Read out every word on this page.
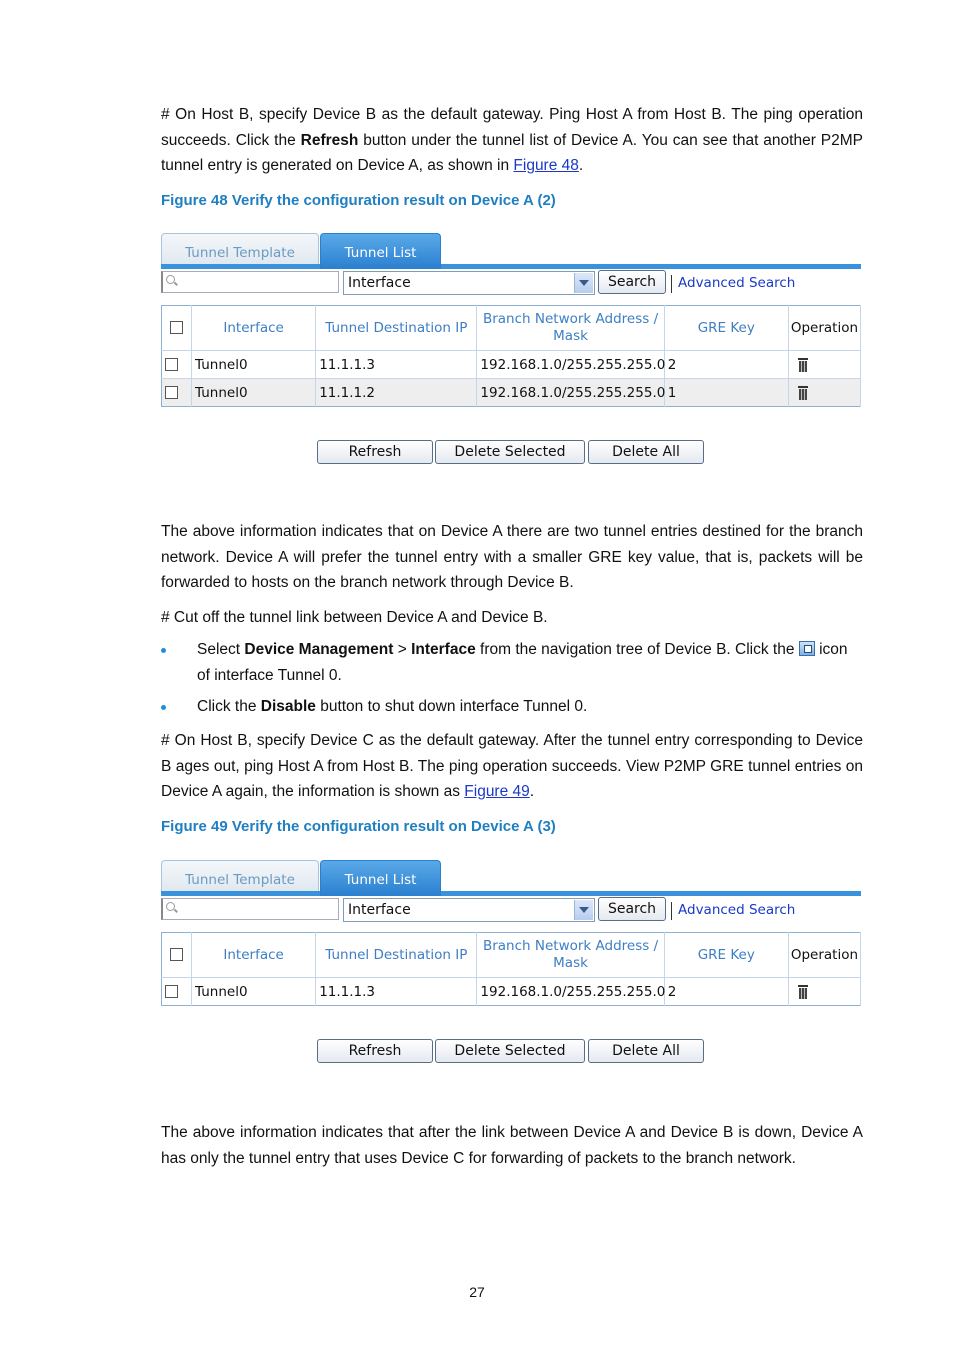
# On Host B, specify Device B as the default gateway. Ping Host A from Host B. The ping operation succeeds. Click the Refresh button under the tunnel list of Device A. You can see that another P2MP tunnel entry is generated on Device A, as shown in Figure 48.
Figure 48 Verify the configuration result on Device A (2)
Tunnel Template	Tunnel List
Interface	Search	Advanced Search
	Interface	Tunnel Destination IP	Branch Network Address / Mask	GRE Key	Operation
	Tunnel0	11.1.1.3	192.168.1.0/255.255.255.0	2	
	Tunnel0	11.1.1.2	192.168.1.0/255.255.255.0	1	
Refresh	Delete Selected	Delete All
The above information indicates that on Device A there are two tunnel entries destined for the branch network. Device A will prefer the tunnel entry with a smaller GRE key value, that is, packets will be forwarded to hosts on the branch network through Device B.
# Cut off the tunnel link between Device A and Device B.
Select Device Management > Interface from the navigation tree of Device B. Click the  icon of interface Tunnel 0.
Click the Disable button to shut down interface Tunnel 0.
# On Host B, specify Device C as the default gateway. After the tunnel entry corresponding to Device B ages out, ping Host A from Host B. The ping operation succeeds. View P2MP GRE tunnel entries on Device A again, the information is shown as Figure 49.
Figure 49 Verify the configuration result on Device A (3)
Tunnel Template	Tunnel List
Interface	Search	Advanced Search
	Interface	Tunnel Destination IP	Branch Network Address / Mask	GRE Key	Operation
	Tunnel0	11.1.1.3	192.168.1.0/255.255.255.0	2	
Refresh	Delete Selected	Delete All
The above information indicates that after the link between Device A and Device B is down, Device A has only the tunnel entry that uses Device C for forwarding of packets to the branch network.
27
